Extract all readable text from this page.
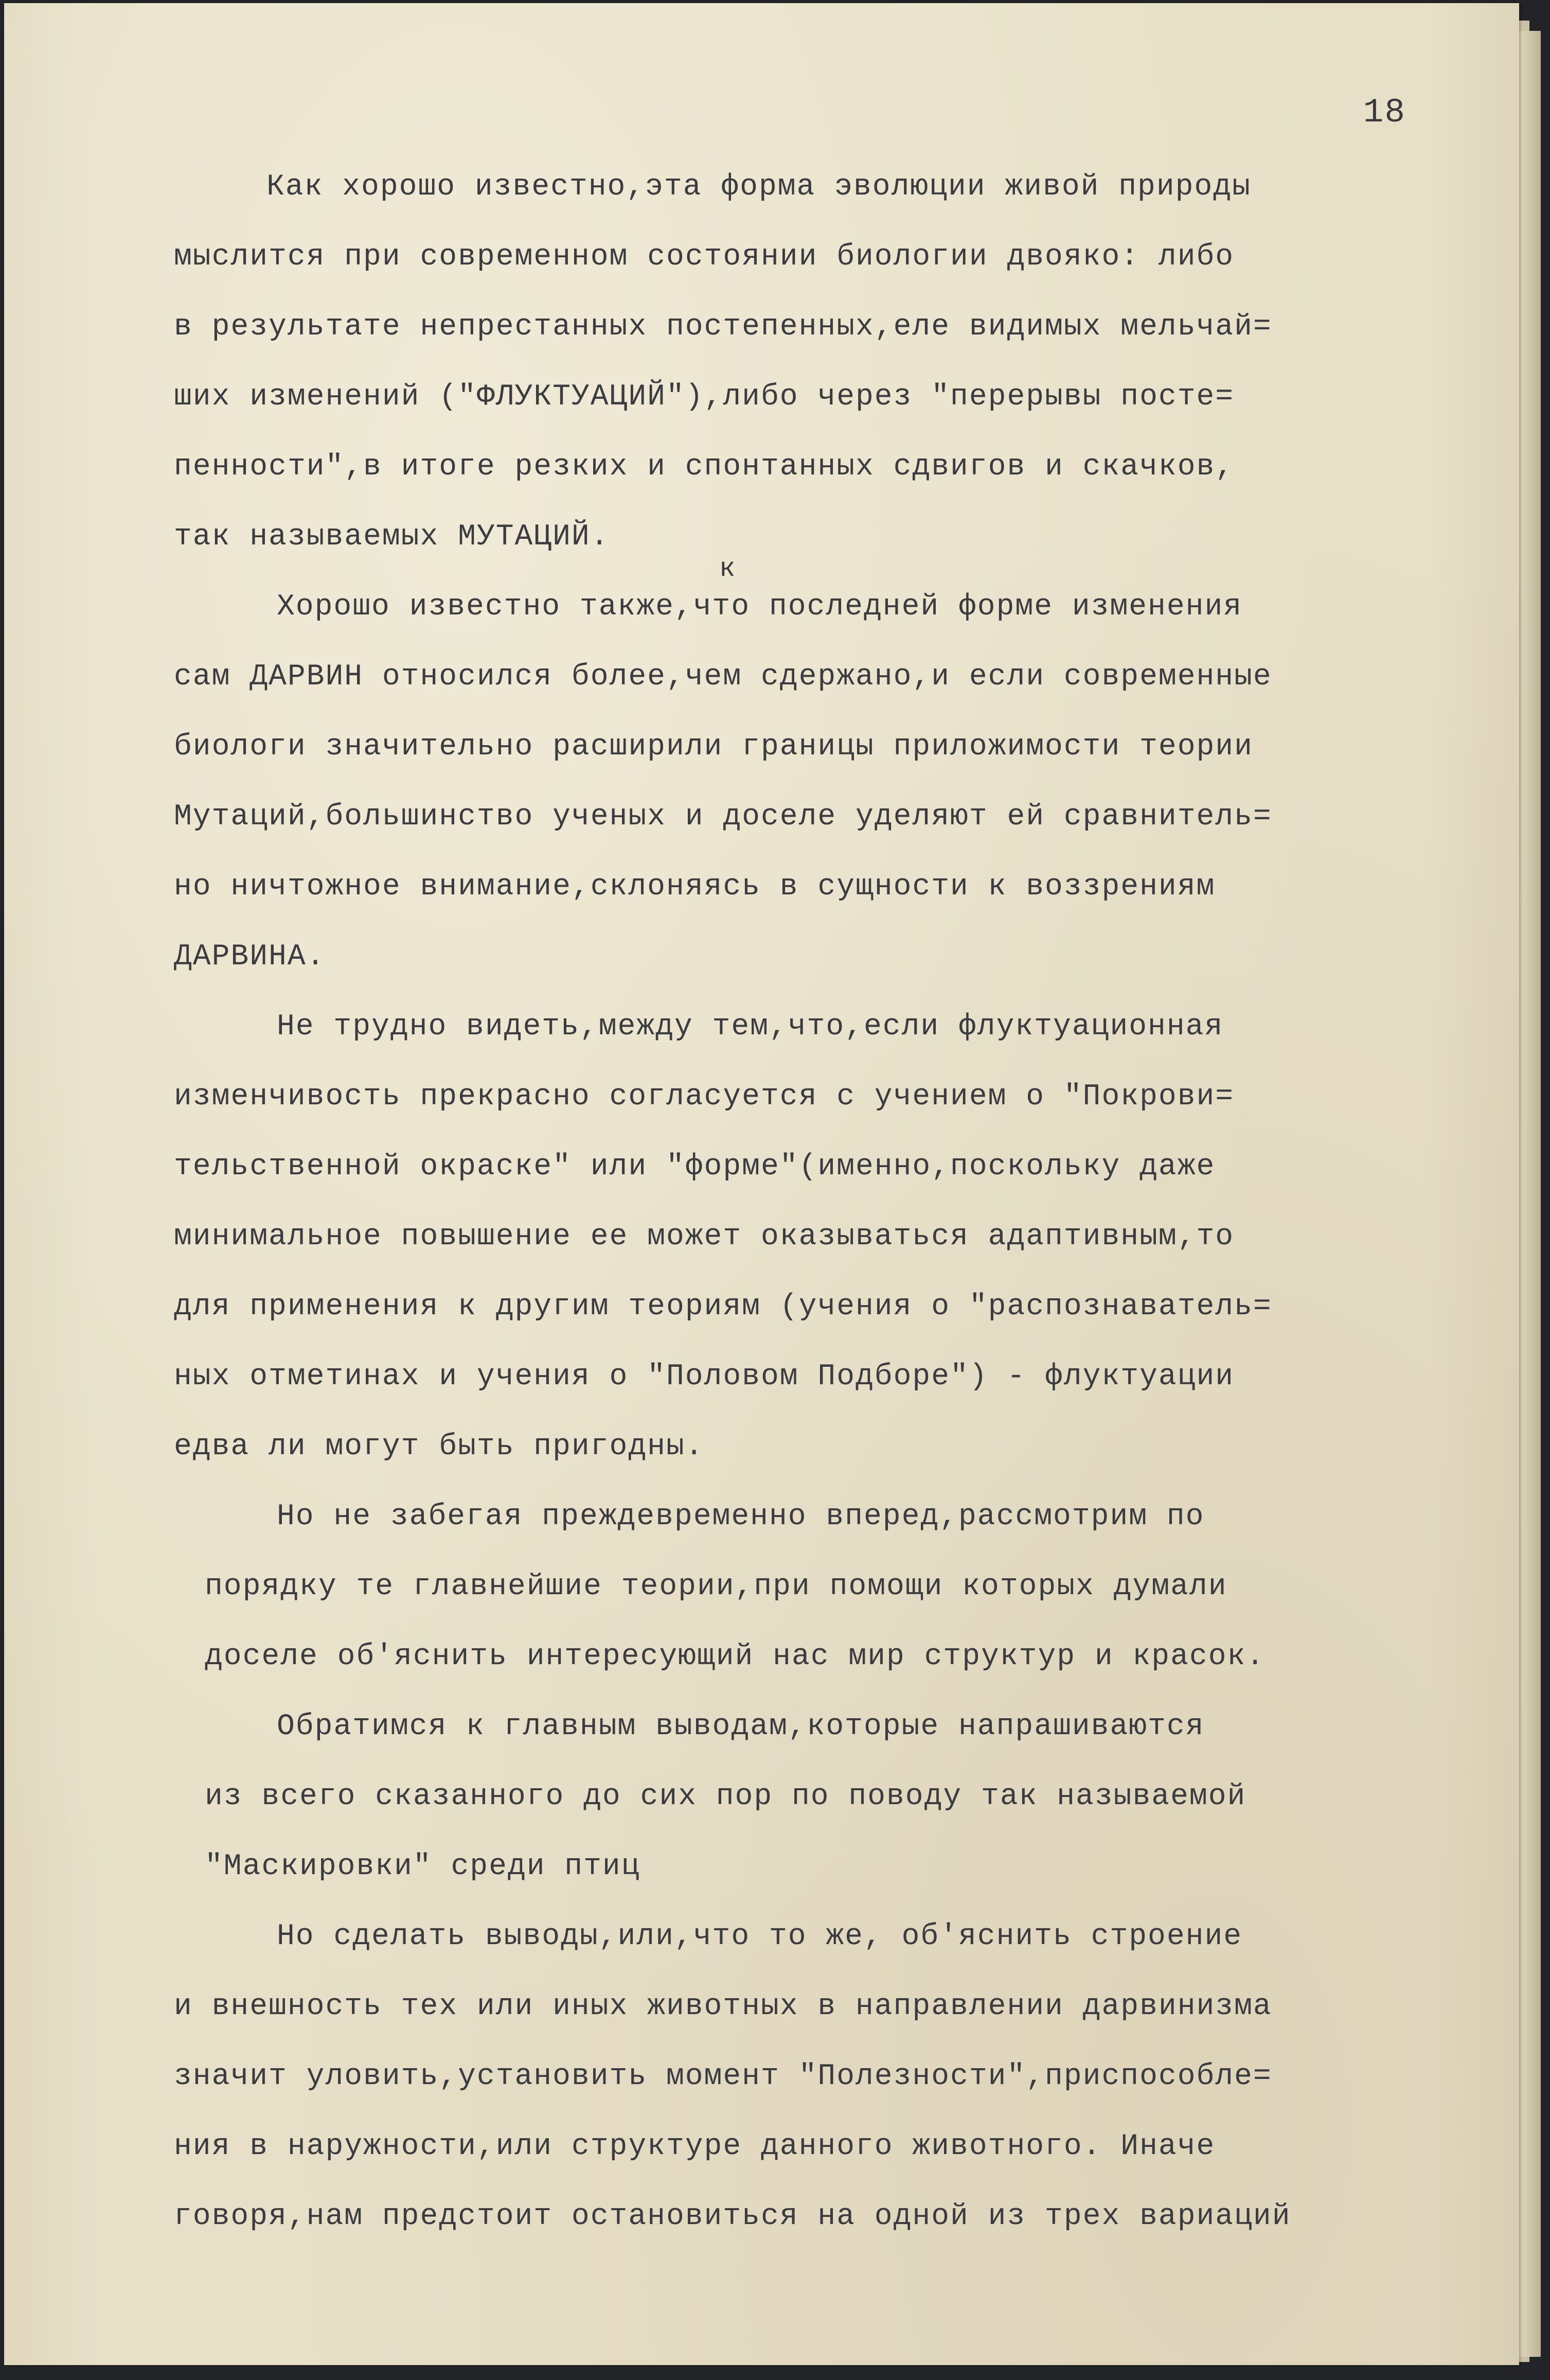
18
к
Как хорошо известно,эта форма эволюции живой природы
мыслится при современном состоянии биологии двояко: либо
в результате непрестанных постепенных,еле видимых мельчай=
ших изменений ("ФЛУКТУАЦИЙ"),либо через "перерывы посте=
пенности",в итоге резких и спонтанных сдвигов и скачков,
так называемых МУТАЦИЙ.
Хорошо известно также,что последней форме изменения
сам ДАРВИН относился более,чем сдержано,и если современные
биологи значительно расширили границы приложимости теории
Мутаций,большинство ученых и доселе уделяют ей сравнитель=
но ничтожное внимание,склоняясь в сущности к воззрениям
ДАРВИНА.
Не трудно видеть,между тем,что,если флуктуационная
изменчивость прекрасно согласуется с учением о "Покрови=
тельственной окраске" или "форме"(именно,поскольку даже
минимальное повышение ее может оказываться адаптивным,то
для применения к другим теориям (учения о "распознаватель=
ных отметинах и учения о "Половом Подборе") - флуктуации
едва ли могут быть пригодны.
Но не забегая преждевременно вперед,рассмотрим по
порядку те главнейшие теории,при помощи которых думали
доселе об'яснить интересующий нас мир структур и красок.
Обратимся к главным выводам,которые напрашиваются
из всего сказанного до сих пор по поводу так называемой
"Маскировки" среди птиц
Но сделать выводы,или,что то же, об'яснить строение
и внешность тех или иных животных в направлении дарвинизма
значит уловить,установить момент "Полезности",приспособле=
ния в наружности,или структуре данного животного. Иначе
говоря,нам предстоит остановиться на одной из трех вариаций
